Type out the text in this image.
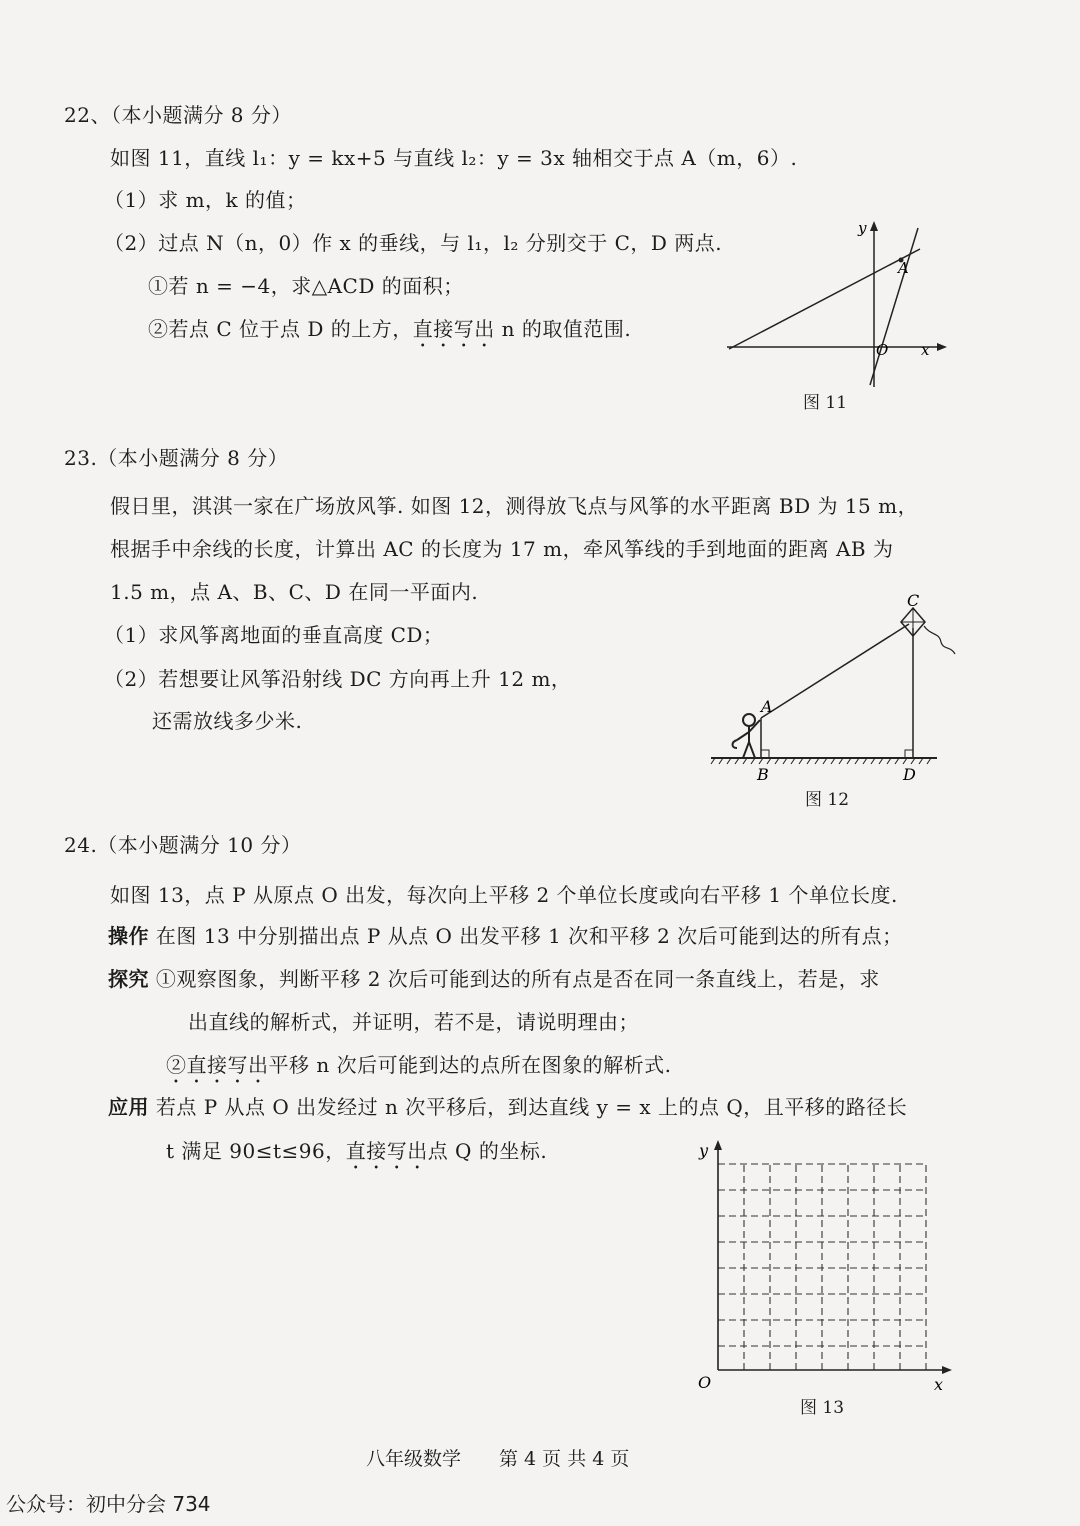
22、（本小题满分 8 分）
如图 11，直线 l₁：y = kx+5 与直线 l₂：y = 3x 轴相交于点 A（m，6）.
（1）求 m，k 的值；
（2）过点 N（n，0）作 x 的垂线，与 l₁，l₂ 分别交于 C，D 两点.
①若 n = −4，求△ACD 的面积；
②若点 C 位于点 D 的上方，直接写出 n 的取值范围.
y
x
O
A
图 11
23.（本小题满分 8 分）
假日里，淇淇一家在广场放风筝. 如图 12，测得放飞点与风筝的水平距离 BD 为 15 m，
根据手中余线的长度，计算出 AC 的长度为 17 m，牵风筝线的手到地面的距离 AB 为
1.5 m，点 A、B、C、D 在同一平面内.
（1）求风筝离地面的垂直高度 CD；
（2）若想要让风筝沿射线 DC 方向再上升 12 m，
还需放线多少米.
A
B
C
D
图 12
24.（本小题满分 10 分）
如图 13，点 P 从原点 O 出发，每次向上平移 2 个单位长度或向右平移 1 个单位长度.
操作 在图 13 中分别描出点 P 从点 O 出发平移 1 次和平移 2 次后可能到达的所有点；
探究 ①观察图象，判断平移 2 次后可能到达的所有点是否在同一条直线上，若是，求
出直线的解析式，并证明，若不是，请说明理由；
②直接写出平移 n 次后可能到达的点所在图象的解析式.
应用 若点 P 从点 O 出发经过 n 次平移后，到达直线 y = x 上的点 Q，且平移的路径长
t 满足 90≤t≤96，直接写出点 Q 的坐标.	y
x
O
图 13
八年级数学　　第 4 页 共 4 页
公众号：初中分会 734
